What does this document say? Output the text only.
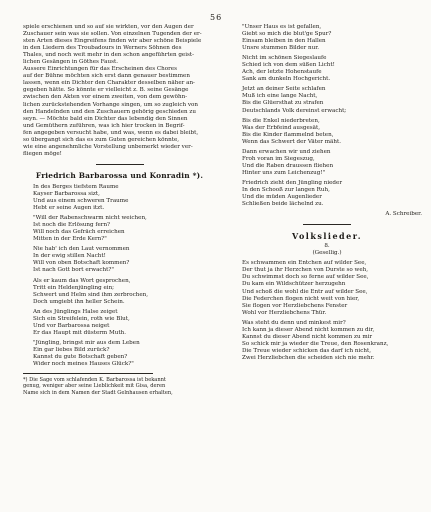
56
spiele erschienen und so auf sie wirkten, vor den Augen der
Zuschauer sein was sie sollen. Von einzelnen Tugenden der er-
sten Arten dieses Eingreifens finden wir aber schöne Beispiele
in den Liedern des Troubadours in Werners Söhnen des
Thales, und noch weit mehr in den schon angeführten geist-
lichen Gesängen in Göthes Faust.
Äussere Einrichtungen für das Erscheinen des Chores
auf der Bühne möchten sich erst dann genauer bestimmen
lassen, wenn ein Dichter den Charakter desselben näher an-
gegeben hätte. So könnte er vielleicht z. B. seine Gesänge
zwischen den Akten vor einem zweiten, von dem gewöhn-
lichen zurückstehenden Vorhange singen, um so zugleich von
den Handelnden und den Zuschauern gehörig geschieden zu
seyn. — Möchte bald ein Dichter das lebendig den Sinnen
und Gemüthern zuführen, was ich hier trocken in Begrif-
fen angegeben versucht habe, und was, wenn es dabei bleibt,
so übergangt sich das es zum Guten gereichen könnte,
wie eine angenehmliche Vorstellung unbemerkt wieder ver-
fliegen möge!
Friedrich Barbarossa und Konradin *).
In des Berges tiefstem Raume
Kayser Barbarossa sizt,
Und aus einem schweren Traume
Hebt er seine Augen itzt.
"Will der Rabenschwarm nicht weichen,
Ist noch die Erlösung fern?
Will noch das Gefräch erreichen
Mitten in der Erde Kern?"
Nie hab' ich den Laut vernommen
In der ewig stillen Nacht!
Will von oben Botschaft kommen?
Ist nach Gott bort erwacht?"
Als er kaum das Wort gesprochen,
Tritt ein Heldenjüngling ein;
Schwert und Helm sind ihm zerbrochen,
Doch umgiebt ihn heller Schein.
An des Jünglings Halse zeiget
Sich ein Streifelein, roth wie Blut,
Und vor Barbarossa neiget
Er das Haupt mit düsterm Muth.
"Jüngling, bringst mir aus dem Leben
Ein gar liebes Bild zurück?
Kannst du gute Botschaft geben?
Wider noch meines Hauses Glück?"
*) Die Sage vom schlafenden K. Barbarossa ist bekannt
genug, weniger aber seine Lieblichkeit mit Gisa, deren
Name sich in dem Namen der Stadt Gelnhausen erhalten,
"Unser Haus es ist gefallen,
Giebt so mich die blut'ge Spur?
Einsam bleiben in den Hallen
Unsre stummen Bilder nur.
Nicht im schönen Siegeslaufe
Schied ich von dem süßen Licht!
Ach, der letzte Hohenstaufe
Sank am dunkeln Hochgericht.
Jetzt an deiner Seite schlafen
Muß ich eine lange Nacht,
Bis die Glüersthat zu strafen
Deutschlands Volk dereinst erwacht;
Bis die Enkel niederbreten,
Was der Erbfeind ausgesät,
Bis die Kinder flammelnd beten,
Wenn das Schwert der Väter mäht.
Dann erwachen wir und ziehen
Froh voran im Siegeszug,
Und die Raben draussen fliehen
Hinter uns zum Leichenzug!"
Friedrich zieht den Jüngling nieder
In den Schooß zur langen Ruh,
Und die müden Augenlieder
Schließen beide lächelnd zu.
A. Schreiber.
Volkslieder.
8.
(Gesellig.)
Es schwammen ein Entchen auf wilder See,
Der thut ja ihr Herzchen von Durste so weh,
Du schwimmst doch so ferne auf wilder See,
Du kam ein Wildschützer herzugehn
Und schoß die wohl die Entr auf wilder See,
Die Federchen flogen nicht weit von hier,
Sie flogen vor Herzliebchens Fenster
Wohl vor Herzliebchens Thür.
Was steht du denn und minkest mir?
Ich kann ja dieser Abend nicht kommen zu dir,
Kannst du dieser Abend nicht kommen zu mir
So schick mir ja wieder die Treue, den Rosenkranz,
Die Treue wieder schicken das darf ich nicht,
Zwei Herzliebchen die scheiden sich nie mehr.
